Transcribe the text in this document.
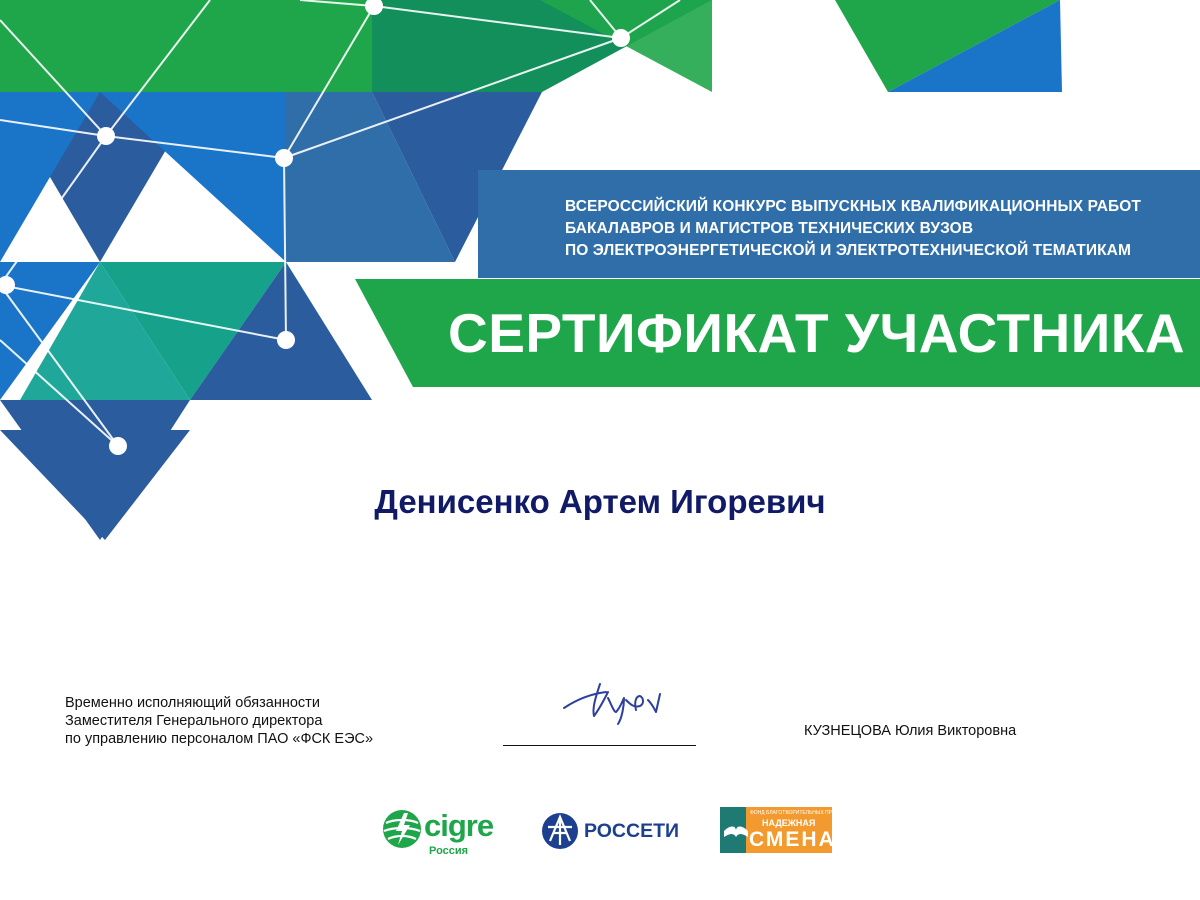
ВСЕРОССИЙСКИЙ КОНКУРС ВЫПУСКНЫХ КВАЛИФИКАЦИОННЫХ РАБОТ
БАКАЛАВРОВ И МАГИСТРОВ ТЕХНИЧЕСКИХ ВУЗОВ
ПО ЭЛЕКТРОЭНЕРГЕТИЧЕСКОЙ И ЭЛЕКТРОТЕХНИЧЕСКОЙ ТЕМАТИКАМ
СЕРТИФИКАТ УЧАСТНИКА
Денисенко Артем Игоревич
Временно исполняющий обязанности
Заместителя Генерального директора
по управлению персоналом ПАО «ФСК ЕЭС»	КУЗНЕЦОВА Юлия Викторовна
cigre
Россия
РОССЕТИ
ФОНД БЛАГОТВОРИТЕЛЬНЫХ ПРОГРАММ
НАДЕЖНАЯ
СМЕНА
